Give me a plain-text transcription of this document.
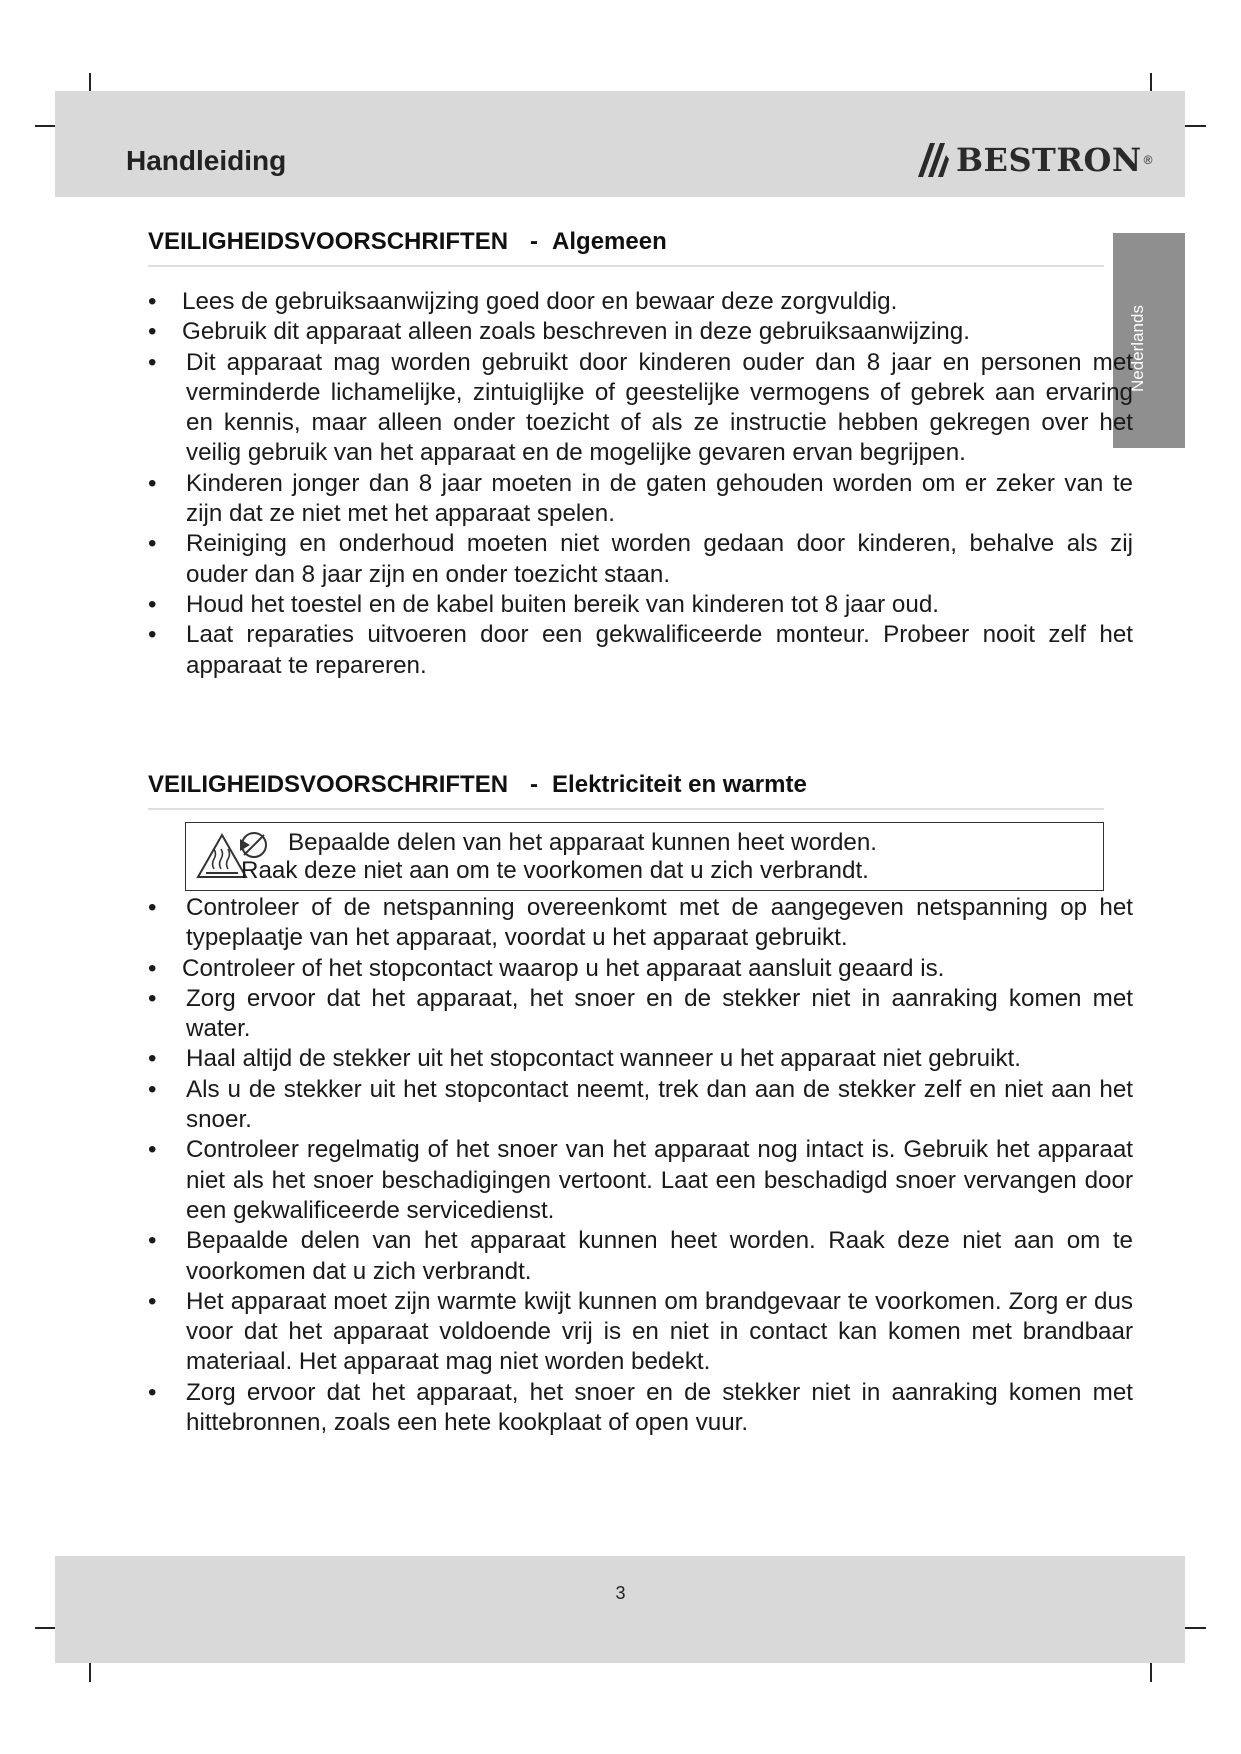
Handleiding	BESTRON ®
Nederlands
VEILIGHEIDSVOORSCHRIFTEN - Algemeen
• Lees de gebruiksaanwijzing goed door en bewaar deze zorgvuldig.
• Gebruik dit apparaat alleen zoals beschreven in deze gebruiksaanwijzing.
• Dit apparaat mag worden gebruikt door kinderen ouder dan 8 jaar en personen met verminderde lichamelijke, zintuiglijke of geestelijke vermogens of gebrek aan ervaring en kennis, maar alleen onder toezicht of als ze instructie hebben gekregen over het veilig gebruik van het apparaat en de mogelijke gevaren ervan begrijpen.
• Kinderen jonger dan 8 jaar moeten in de gaten gehouden worden om er zeker van te zijn dat ze niet met het apparaat spelen.
• Reiniging en onderhoud moeten niet worden gedaan door kinderen, behalve als zij ouder dan 8 jaar zijn en onder toezicht staan.
• Houd het toestel en de kabel buiten bereik van kinderen tot 8 jaar oud.
• Laat reparaties uitvoeren door een gekwalificeerde monteur. Probeer nooit zelf het apparaat te repareren.
VEILIGHEIDSVOORSCHRIFTEN - Elektriciteit en warmte
Bepaalde delen van het apparaat kunnen heet worden.
Raak deze niet aan om te voorkomen dat u zich verbrandt.
• Controleer of de netspanning overeenkomt met de aangegeven netspanning op het typeplaatje van het apparaat, voordat u het apparaat gebruikt.
• Controleer of het stopcontact waarop u het apparaat aansluit geaard is.
• Zorg ervoor dat het apparaat, het snoer en de stekker niet in aanraking komen met water.
• Haal altijd de stekker uit het stopcontact wanneer u het apparaat niet gebruikt.
• Als u de stekker uit het stopcontact neemt, trek dan aan de stekker zelf en niet aan het snoer.
• Controleer regelmatig of het snoer van het apparaat nog intact is. Gebruik het apparaat niet als het snoer beschadigingen vertoont. Laat een beschadigd snoer vervangen door een gekwalificeerde servicedienst.
• Bepaalde delen van het apparaat kunnen heet worden. Raak deze niet aan om te voorkomen dat u zich verbrandt.
• Het apparaat moet zijn warmte kwijt kunnen om brandgevaar te voorkomen. Zorg er dus voor dat het apparaat voldoende vrij is en niet in contact kan komen met brandbaar materiaal. Het apparaat mag niet worden bedekt.
• Zorg ervoor dat het apparaat, het snoer en de stekker niet in aanraking komen met hittebronnen, zoals een hete kookplaat of open vuur.
3
